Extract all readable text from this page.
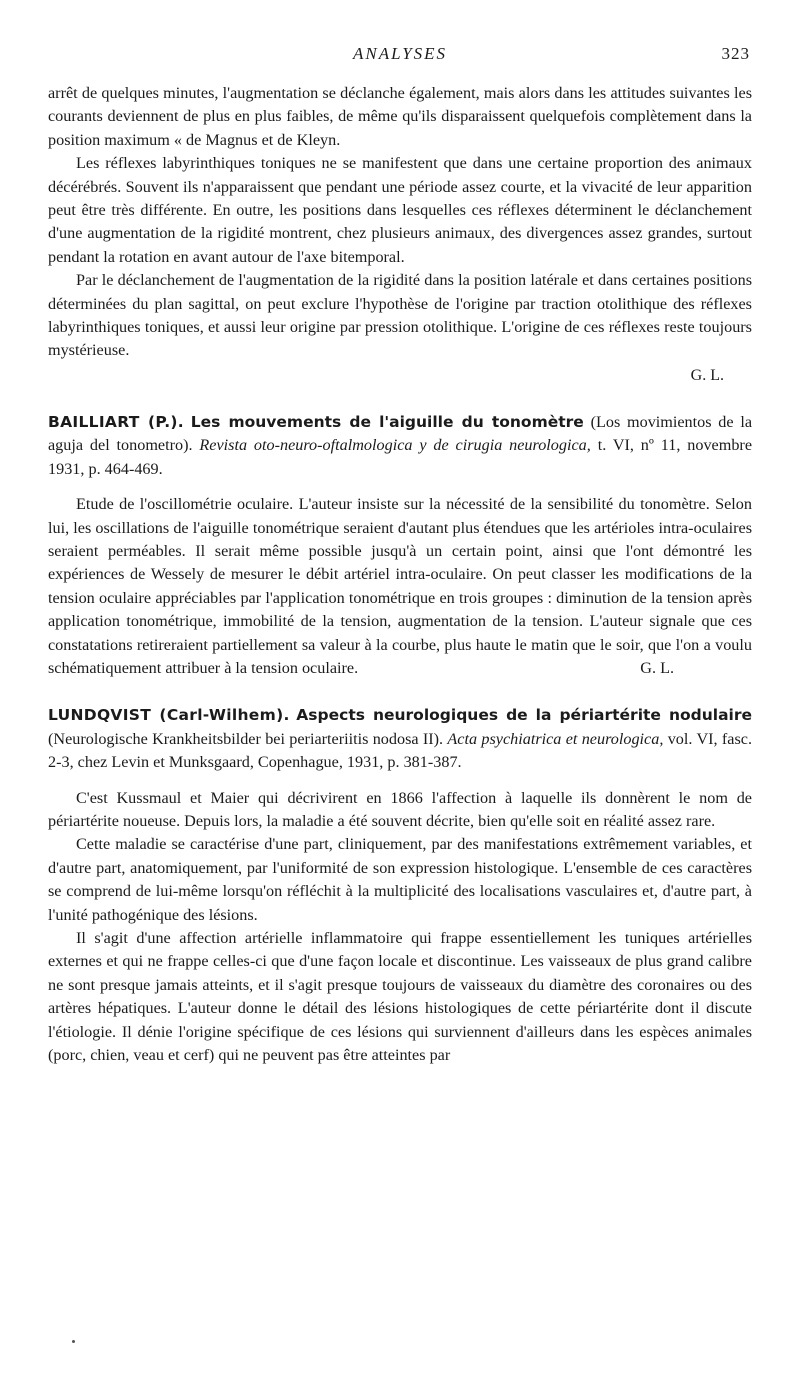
ANALYSES	323

arrêt de quelques minutes, l'augmentation se déclanche également, mais alors dans les attitudes suivantes les courants deviennent de plus en plus faibles, de même qu'ils disparaissent quelquefois complètement dans la position maximum « de Magnus et de Kleyn.

Les réflexes labyrinthiques toniques ne se manifestent que dans une certaine proportion des animaux décérébrés. Souvent ils n'apparaissent que pendant une période assez courte, et la vivacité de leur apparition peut être très différente. En outre, les positions dans lesquelles ces réflexes déterminent le déclanchement d'une augmentation de la rigidité montrent, chez plusieurs animaux, des divergences assez grandes, surtout pendant la rotation en avant autour de l'axe bitemporal.

Par le déclanchement de l'augmentation de la rigidité dans la position latérale et dans certaines positions déterminées du plan sagittal, on peut exclure l'hypothèse de l'origine par traction otolithique des réflexes labyrinthiques toniques, et aussi leur origine par pression otolithique. L'origine de ces réflexes reste toujours mystérieuse.

G. L.

BAILLIART (P.). Les mouvements de l'aiguille du tonomètre (Los movimientos de la aguja del tonometro). Revista oto-neuro-oftalmologica y de cirugia neurologica, t. VI, nº 11, novembre 1931, p. 464-469.

Etude de l'oscillométrie oculaire. L'auteur insiste sur la nécessité de la sensibilité du tonomètre. Selon lui, les oscillations de l'aiguille tonométrique seraient d'autant plus étendues que les artérioles intra-oculaires seraient perméables. Il serait même possible jusqu'à un certain point, ainsi que l'ont démontré les expériences de Wessely de mesurer le débit artériel intra-oculaire. On peut classer les modifications de la tension oculaire appréciables par l'application tonométrique en trois groupes : diminution de la tension après application tonométrique, immobilité de la tension, augmentation de la tension. L'auteur signale que ces constatations retireraient partiellement sa valeur à la courbe, plus haute le matin que le soir, que l'on a voulu schématiquement attribuer à la tension oculaire.	G. L.

LUNDQVIST (Carl-Wilhem). Aspects neurologiques de la périartérite nodulaire (Neurologische Krankheitsbilder bei periarteriitis nodosa II). Acta psychiatrica et neurologica, vol. VI, fasc. 2-3, chez Levin et Munksgaard, Copenhague, 1931, p. 381-387.

C'est Kussmaul et Maier qui décrivirent en 1866 l'affection à laquelle ils donnèrent le nom de périartérite noueuse. Depuis lors, la maladie a été souvent décrite, bien qu'elle soit en réalité assez rare.

Cette maladie se caractérise d'une part, cliniquement, par des manifestations extrêmement variables, et d'autre part, anatomiquement, par l'uniformité de son expression histologique. L'ensemble de ces caractères se comprend de lui-même lorsqu'on réfléchit à la multiplicité des localisations vasculaires et, d'autre part, à l'unité pathogénique des lésions.

Il s'agit d'une affection artérielle inflammatoire qui frappe essentiellement les tuniques artérielles externes et qui ne frappe celles-ci que d'une façon locale et discontinue. Les vaisseaux de plus grand calibre ne sont presque jamais atteints, et il s'agit presque toujours de vaisseaux du diamètre des coronaires ou des artères hépatiques. L'auteur donne le détail des lésions histologiques de cette périartérite dont il discute l'étiologie. Il dénie l'origine spécifique de ces lésions qui surviennent d'ailleurs dans les espèces animales (porc, chien, veau et cerf) qui ne peuvent pas être atteintes par
